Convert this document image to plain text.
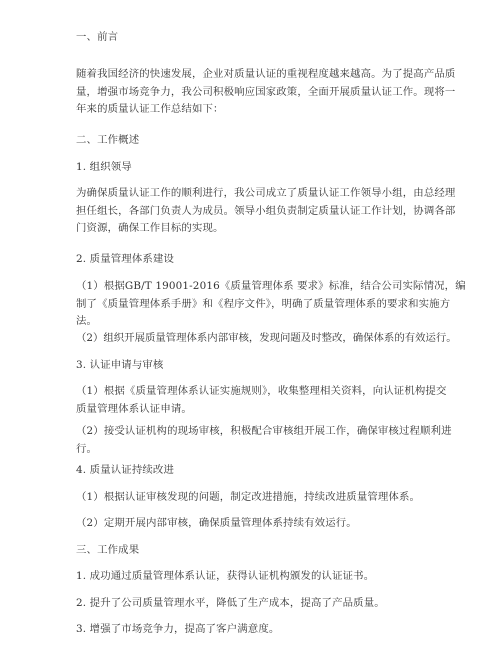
一、前言

随着我国经济的快速发展，企业对质量认证的重视程度越来越高。为了提高产品质
量，增强市场竞争力，我公司积极响应国家政策，全面开展质量认证工作。现将一
年来的质量认证工作总结如下：

二、工作概述

1. 组织领导

为确保质量认证工作的顺利进行，我公司成立了质量认证工作领导小组，由总经理
担任组长，各部门负责人为成员。领导小组负责制定质量认证工作计划，协调各部
门资源，确保工作目标的实现。

2. 质量管理体系建设

（1）根据GB/T 19001-2016《质量管理体系 要求》标准，结合公司实际情况，编
制了《质量管理体系手册》和《程序文件》，明确了质量管理体系的要求和实施方
法。

（2）组织开展质量管理体系内部审核，发现问题及时整改，确保体系的有效运行。

3. 认证申请与审核

（1）根据《质量管理体系认证实施规则》，收集整理相关资料，向认证机构提交
质量管理体系认证申请。
（2）接受认证机构的现场审核，积极配合审核组开展工作，确保审核过程顺利进
行。

4. 质量认证持续改进

（1）根据认证审核发现的问题，制定改进措施，持续改进质量管理体系。

（2）定期开展内部审核，确保质量管理体系持续有效运行。

三、工作成果

1. 成功通过质量管理体系认证，获得认证机构颁发的认证证书。

2. 提升了公司质量管理水平，降低了生产成本，提高了产品质量。

3. 增强了市场竞争力，提高了客户满意度。
